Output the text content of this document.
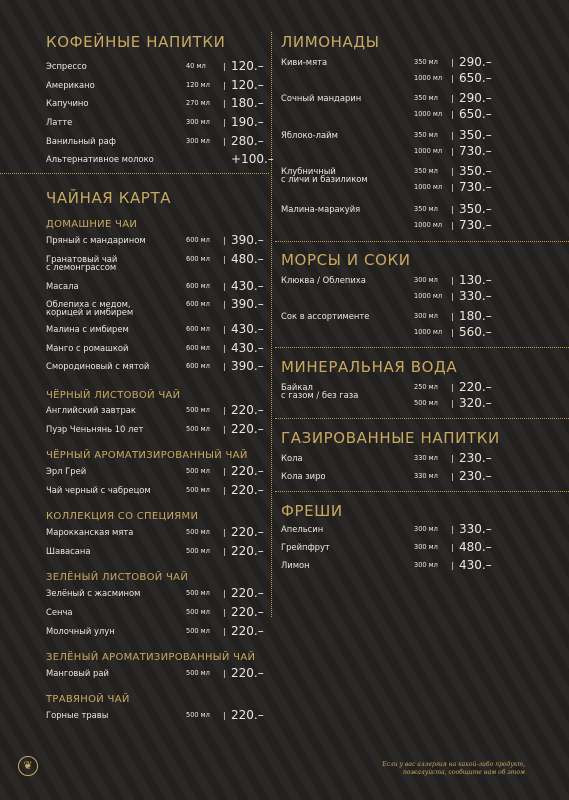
КОФЕЙНЫЕ НАПИТКИ
Эспрессо	40 мл | 120.–
Американо	120 мл | 120.–
Капучино	270 мл | 180.–
Латте	300 мл | 190.–
Ванильный раф	300 мл | 280.–
Альтернативное молоко	+100.–
ЧАЙНАЯ КАРТА
ДОМАШНИЕ ЧАИ
Пряный с мандарином	600 мл | 390.–
Гранатовый чай
с лемонграссом
600 мл | 480.–
Масала	600 мл | 430.–
Облепиха с медом,
корицей и имбирем
600 мл | 390.–
Малина с имбирем	600 мл | 430.–
Манго с ромашкой	600 мл | 430.–
Смородиновый с мятой	600 мл | 390.–
ЧЁРНЫЙ ЛИСТОВОЙ ЧАЙ
Английский завтрак	500 мл | 220.–
Пуэр Ченьнянь 10 лет	500 мл | 220.–
ЧЁРНЫЙ АРОМАТИЗИРОВАННЫЙ ЧАЙ
Эрл Грей	500 мл | 220.–
Чай черный с чабрецом	500 мл | 220.–
КОЛЛЕКЦИЯ СО СПЕЦИЯМИ
Марокканская мята	500 мл | 220.–
Шавасана	500 мл | 220.–
ЗЕЛЁНЫЙ ЛИСТОВОЙ ЧАЙ
Зелёный с жасмином	500 мл | 220.–
Сенча	500 мл | 220.–
Молочный улун	500 мл | 220.–
ЗЕЛЁНЫЙ АРОМАТИЗИРОВАННЫЙ ЧАЙ
Манговый рай	500 мл | 220.–
ТРАВЯНОЙ ЧАЙ
Горные травы	500 мл | 220.–
ЛИМОНАДЫ
Киви-мята	350 мл | 290.–
1000 мл | 650.–
Сочный мандарин	350 мл | 290.–
1000 мл | 650.–
Яблоко-лайм	350 мл | 350.–
1000 мл | 730.–
Клубничный
с личи и базиликом
350 мл | 350.–
1000 мл | 730.–
Малина-маракуйя	350 мл | 350.–
1000 мл | 730.–
МОРСЫ И СОКИ
Клюква / Облепиха	300 мл | 130.–
1000 мл | 330.–
Сок в ассортименте	300 мл | 180.–
1000 мл | 560.–
МИНЕРАЛЬНАЯ ВОДА
Байкал
с газом / без газа
250 мл | 220.–
500 мл | 320.–
ГАЗИРОВАННЫЕ НАПИТКИ
Кола	330 мл | 230.–
Кола зиро	330 мл | 230.–
ФРЕШИ
Апельсин	300 мл | 330.–
Грейпфрут	300 мл | 480.–
Лимон	300 мл | 430.–
❦	Если у вас аллергия на какой-либо продукт,
пожалуйста, сообщите нам об этом
